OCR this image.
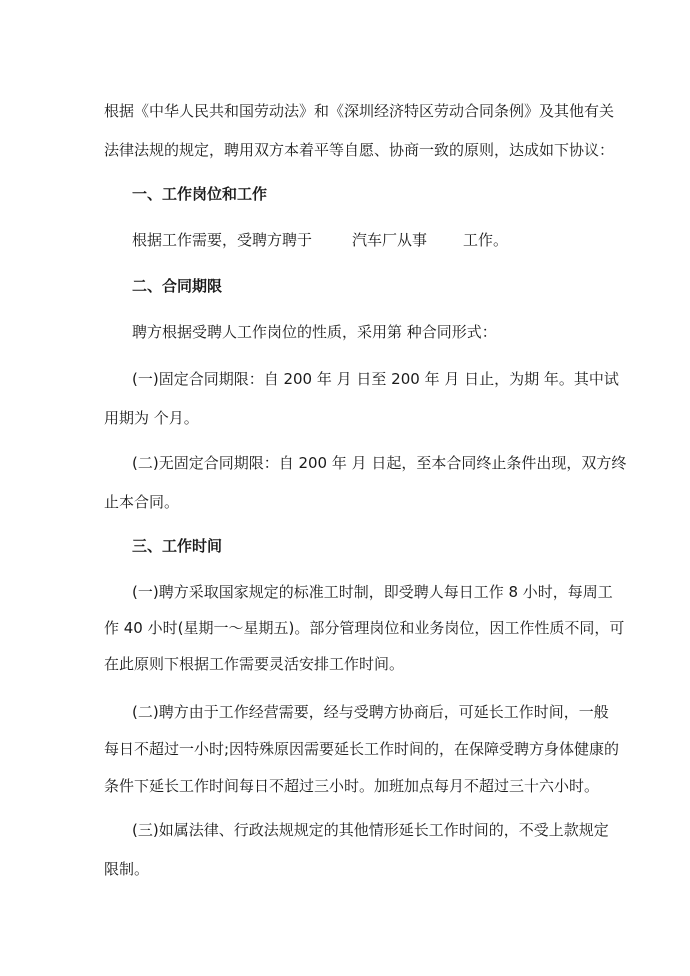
根据《中华人民共和国劳动法》和《深圳经济特区劳动合同条例》及其他有关
法律法规的规定，聘用双方本着平等自愿、协商一致的原则，达成如下协议：
一、工作岗位和工作
根据工作需要，受聘方聘于	汽车厂从事 工作。
二、合同期限
聘方根据受聘人工作岗位的性质，采用第 种合同形式：
(一)固定合同期限：自 200 年 月 日至 200 年 月 日止，为期 年。其中试
用期为 个月。
(二)无固定合同期限：自 200 年 月 日起，至本合同终止条件出现，双方终
止本合同。
三、工作时间
(一)聘方采取国家规定的标准工时制，即受聘人每日工作 8 小时，每周工
作 40 小时(星期一～星期五)。部分管理岗位和业务岗位，因工作性质不同，可
在此原则下根据工作需要灵活安排工作时间。
(二)聘方由于工作经营需要，经与受聘方协商后，可延长工作时间，一般
每日不超过一小时;因特殊原因需要延长工作时间的，在保障受聘方身体健康的
条件下延长工作时间每日不超过三小时。加班加点每月不超过三十六小时。
(三)如属法律、行政法规规定的其他情形延长工作时间的，不受上款规定
限制。
